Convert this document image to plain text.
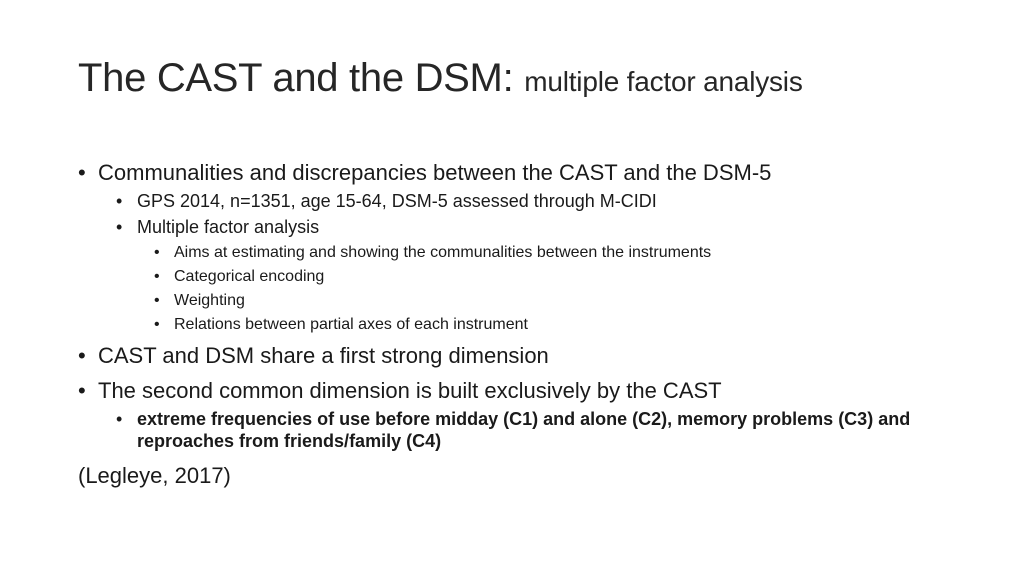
The CAST and the DSM: multiple factor analysis
• Communalities and discrepancies between the CAST and the DSM-5
• GPS 2014, n=1351, age 15-64, DSM-5 assessed through M-CIDI
• Multiple factor analysis
• Aims at estimating and showing the communalities between the instruments
• Categorical encoding
• Weighting
• Relations between partial axes of each instrument
• CAST and DSM share a first strong dimension
• The second common dimension is built exclusively by the CAST
• extreme frequencies of use before midday (C1) and alone (C2), memory problems (C3) and reproaches from friends/family (C4)
(Legleye, 2017)
